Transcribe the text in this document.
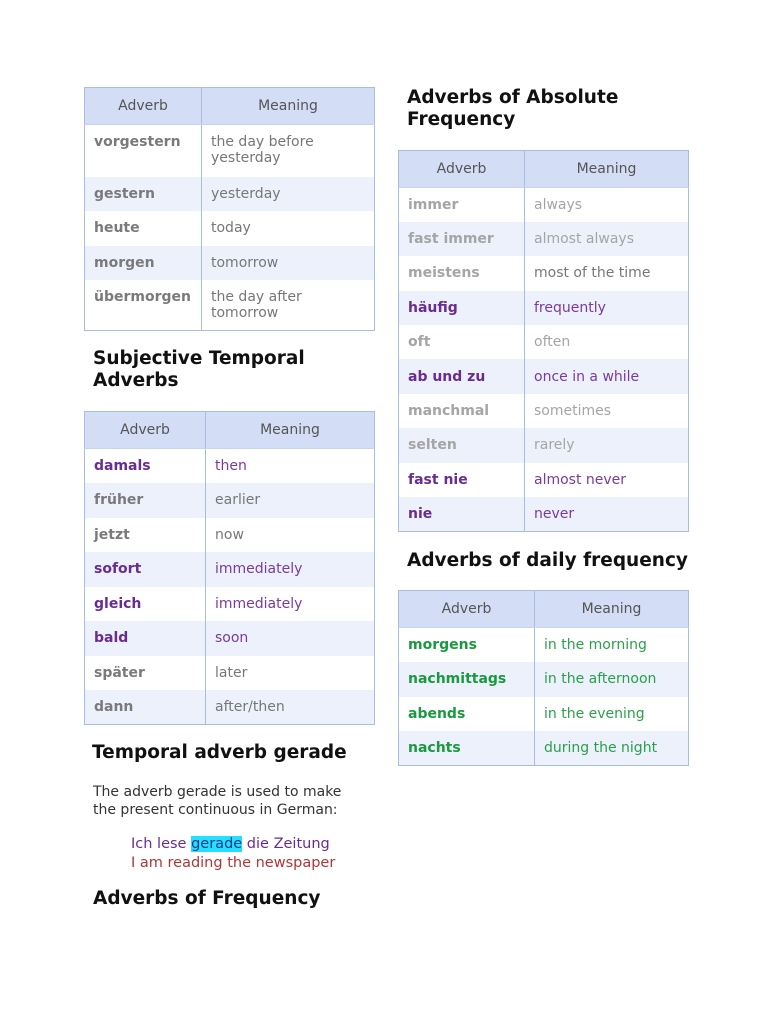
Adverb	Meaning
vorgestern	the day before yesterday
gestern	yesterday
heute	today
morgen	tomorrow
übermorgen	the day after tomorrow
Subjective Temporal Adverbs
Adverb	Meaning
damals	then
früher	earlier
jetzt	now
sofort	immediately
gleich	immediately
bald	soon
später	later
dann	after/then
Temporal adverb gerade
The adverb gerade is used to make the present continuous in German:
Ich lese gerade die Zeitung
I am reading the newspaper
Adverbs of Frequency
Adverbs of Absolute Frequency
Adverb	Meaning
immer	always
fast immer	almost always
meistens	most of the time
häufig	frequently
oft	often
ab und zu	once in a while
manchmal	sometimes
selten	rarely
fast nie	almost never
nie	never
Adverbs of daily frequency
Adverb	Meaning
morgens	in the morning
nachmittags	in the afternoon
abends	in the evening
nachts	during the night
